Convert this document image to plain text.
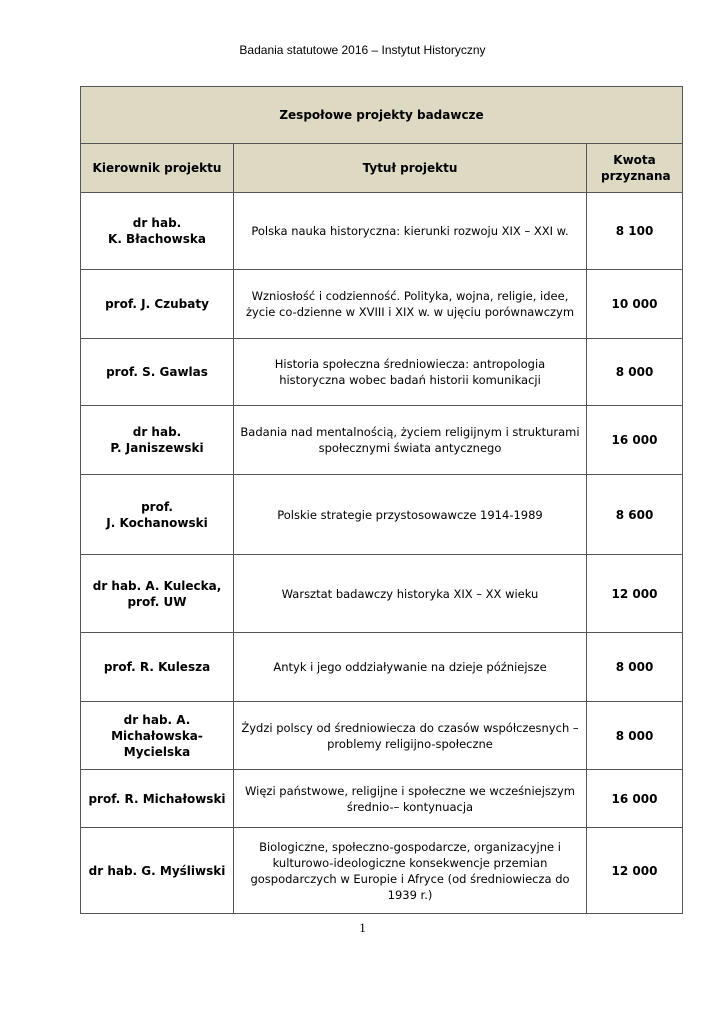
Badania statutowe 2016 – Instytut Historyczny
Zespołowe projekty badawcze		
Kierownik projektu	Tytuł projektu	Kwota przyznana
dr hab.
K. Błachowska	Polska nauka historyczna: kierunki rozwoju XIX – XXI w.	8 100
prof. J. Czubaty	Wzniosłość i codzienność. Polityka, wojna, religie, idee, życie co-dzienne w XVIII i XIX w. w ujęciu porównawczym	10 000
prof. S. Gawlas	Historia społeczna średniowiecza: antropologia historyczna wobec badań historii komunikacji	8 000
dr hab.
P. Janiszewski	Badania nad mentalnością, życiem religijnym i strukturami społecznymi świata antycznego	16 000
prof.
J. Kochanowski	Polskie strategie przystosowawcze 1914-1989	8 600
dr hab. A. Kulecka,
prof. UW	Warsztat badawczy historyka XIX – XX wieku	12 000
prof. R. Kulesza	Antyk i jego oddziaływanie na dzieje późniejsze	8 000
dr hab. A.
Michałowska-
Mycielska	Żydzi polscy od średniowiecza do czasów współczesnych – problemy religijno-społeczne	8 000
prof. R. Michałowski	Więzi państwowe, religijne i społeczne we wcześniejszym średnio-– kontynuacja	16 000
dr hab. G. Myśliwski	Biologiczne, społeczno-gospodarcze, organizacyjne i kulturowo-ideologiczne konsekwencje przemian gospodarczych w Europie i Afryce (od średniowiecza do 1939 r.)	12 000
1
